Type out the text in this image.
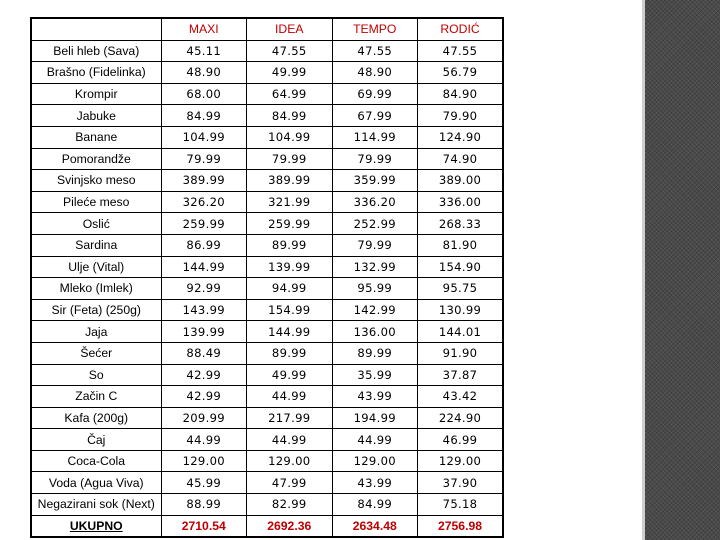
	MAXI	IDEA	TEMPO	RODIĆ
Beli hleb (Sava)	45.11	47.55	47.55	47.55
Brašno (Fidelinka)	48.90	49.99	48.90	56.79
Krompir	68.00	64.99	69.99	84.90
Jabuke	84.99	84.99	67.99	79.90
Banane	104.99	104.99	114.99	124.90
Pomorandže	79.99	79.99	79.99	74.90
Svinjsko meso	389.99	389.99	359.99	389.00
Pileće meso	326.20	321.99	336.20	336.00
Oslić	259.99	259.99	252.99	268.33
Sardina	86.99	89.99	79.99	81.90
Ulje (Vital)	144.99	139.99	132.99	154.90
Mleko (Imlek)	92.99	94.99	95.99	95.75
Sir (Feta) (250g)	143.99	154.99	142.99	130.99
Jaja	139.99	144.99	136.00	144.01
Šećer	88.49	89.99	89.99	91.90
So	42.99	49.99	35.99	37.87
Začin C	42.99	44.99	43.99	43.42
Kafa (200g)	209.99	217.99	194.99	224.90
Čaj	44.99	44.99	44.99	46.99
Coca-Cola	129.00	129.00	129.00	129.00
Voda (Agua Viva)	45.99	47.99	43.99	37.90
Negazirani sok (Next)	88.99	82.99	84.99	75.18
UKUPNO	2710.54	2692.36	2634.48	2756.98
